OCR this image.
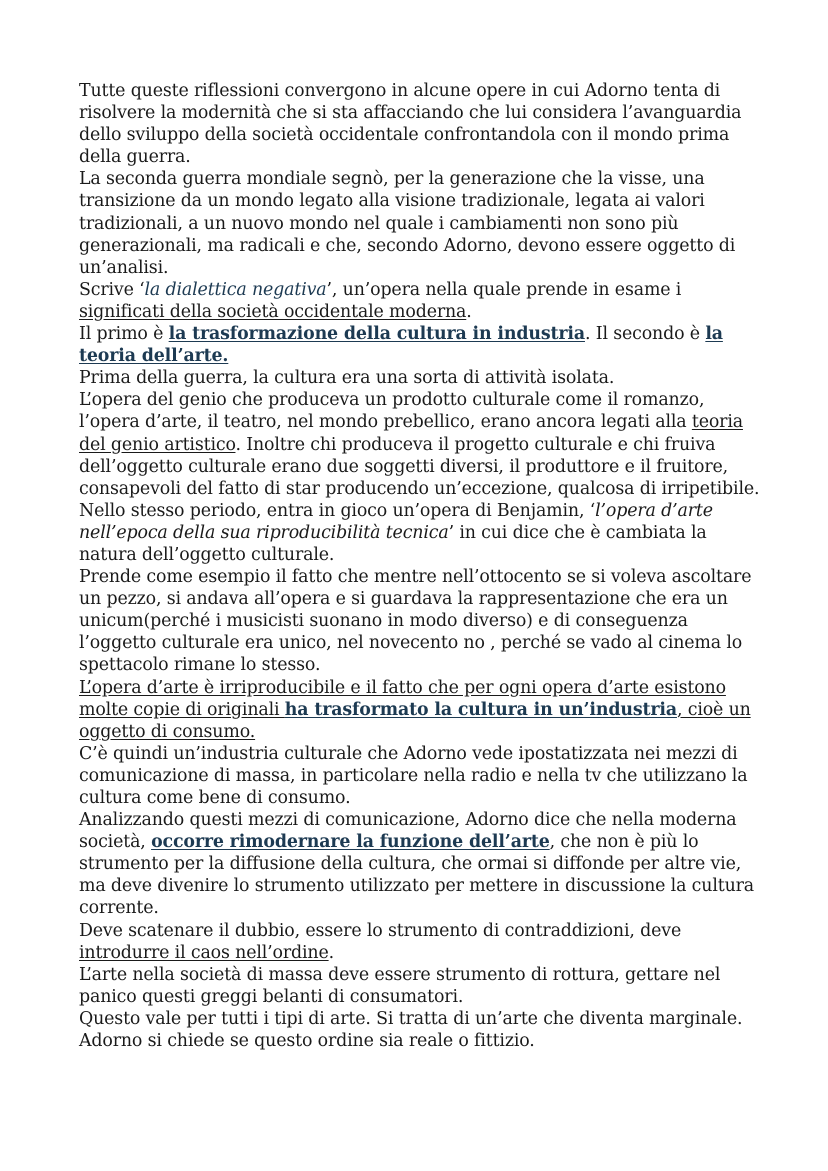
Tutte queste riflessioni convergono in alcune opere in cui Adorno tenta di risolvere la modernità che si sta affacciando che lui considera l’avanguardia dello sviluppo della società occidentale confrontandola con il mondo prima della guerra.

La seconda guerra mondiale segnò, per la generazione che la visse, una transizione da un mondo legato alla visione tradizionale, legata ai valori tradizionali, a un nuovo mondo nel quale i cambiamenti non sono più generazionali, ma radicali e che, secondo Adorno, devono essere oggetto di un’analisi.

Scrive ‘la dialettica negativa’, un’opera nella quale prende in esame i significati della società occidentale moderna.

Il primo è la trasformazione della cultura in industria. Il secondo è la teoria dell’arte.

Prima della guerra, la cultura era una sorta di attività isolata.

L’opera del genio che produceva un prodotto culturale come il romanzo, l’opera d’arte, il teatro, nel mondo prebellico, erano ancora legati alla teoria del genio artistico. Inoltre chi produceva il progetto culturale e chi fruiva dell’oggetto culturale erano due soggetti diversi, il produttore e il fruitore, consapevoli del fatto di star producendo un’eccezione, qualcosa di irripetibile.

Nello stesso periodo, entra in gioco un’opera di Benjamin, ‘l’opera d’arte nell’epoca della sua riproducibilità tecnica’ in cui dice che è cambiata la natura dell’oggetto culturale.

Prende come esempio il fatto che mentre nell’ottocento se si voleva ascoltare un pezzo, si andava all’opera e si guardava la rappresentazione che era un unicum(perché i musicisti suonano in modo diverso) e di conseguenza l’oggetto culturale era unico, nel novecento no , perché se vado al cinema lo spettacolo rimane lo stesso.

L’opera d’arte è irriproducibile e il fatto che per ogni opera d’arte esistono molte copie di originali ha trasformato la cultura in un’industria, cioè un oggetto di consumo.

C’è quindi un’industria culturale che Adorno vede ipostatizzata nei mezzi di comunicazione di massa, in particolare nella radio e nella tv che utilizzano la cultura come bene di consumo.

Analizzando questi mezzi di comunicazione, Adorno dice che nella moderna società, occorre rimodernare la funzione dell’arte, che non è più lo strumento per la diffusione della cultura, che ormai si diffonde per altre vie, ma deve divenire lo strumento utilizzato per mettere in discussione la cultura corrente.

Deve scatenare il dubbio, essere lo strumento di contraddizioni, deve introdurre il caos nell’ordine.

L’arte nella società di massa deve essere strumento di rottura, gettare nel panico questi greggi belanti di consumatori.

Questo vale per tutti i tipi di arte. Si tratta di un’arte che diventa marginale.

Adorno si chiede se questo ordine sia reale o fittizio.
